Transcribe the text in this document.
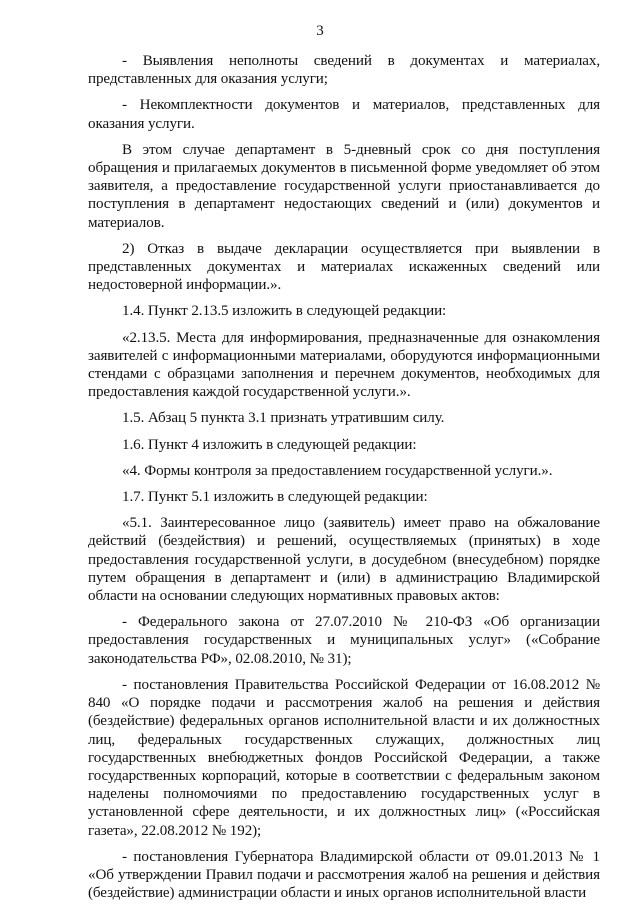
3

- Выявления неполноты сведений в документах и материалах, представленных для оказания услуги;

- Некомплектности документов и материалов, представленных для оказания услуги.

В этом случае департамент в 5-дневный срок со дня поступления обращения и прилагаемых документов в письменной форме уведомляет об этом заявителя, а предоставление государственной услуги приостанавливается до поступления в департамент недостающих сведений и (или) документов и материалов.

2) Отказ в выдаче декларации осуществляется при выявлении в представленных документах и материалах искаженных сведений или недостоверной информации.».

1.4. Пункт 2.13.5 изложить в следующей редакции:

«2.13.5. Места для информирования, предназначенные для ознакомления заявителей с информационными материалами, оборудуются информационными стендами с образцами заполнения и перечнем документов, необходимых для предоставления каждой государственной услуги.».

1.5. Абзац 5 пункта 3.1 признать утратившим силу.

1.6. Пункт 4 изложить в следующей редакции:

«4. Формы контроля за предоставлением государственной услуги.».

1.7. Пункт 5.1 изложить в следующей редакции:

«5.1. Заинтересованное лицо (заявитель) имеет право на обжалование действий (бездействия) и решений, осуществляемых (принятых) в ходе предоставления государственной услуги, в досудебном (внесудебном) порядке путем обращения в департамент и (или) в администрацию Владимирской области на основании следующих нормативных правовых актов:

- Федерального закона от 27.07.2010 № 210-ФЗ «Об организации предоставления государственных и муниципальных услуг» («Собрание законодательства РФ», 02.08.2010, № 31);

- постановления Правительства Российской Федерации от 16.08.2012 № 840 «О порядке подачи и рассмотрения жалоб на решения и действия (бездействие) федеральных органов исполнительной власти и их должностных лиц, федеральных государственных служащих, должностных лиц государственных внебюджетных фондов Российской Федерации, а также государственных корпораций, которые в соответствии с федеральным законом наделены полномочиями по предоставлению государственных услуг в установленной сфере деятельности, и их должностных лиц» («Российская газета», 22.08.2012 № 192);

- постановления Губернатора Владимирской области от 09.01.2013 № 1 «Об утверждении Правил подачи и рассмотрения жалоб на решения и действия (бездействие) администрации области и иных органов исполнительной власти
